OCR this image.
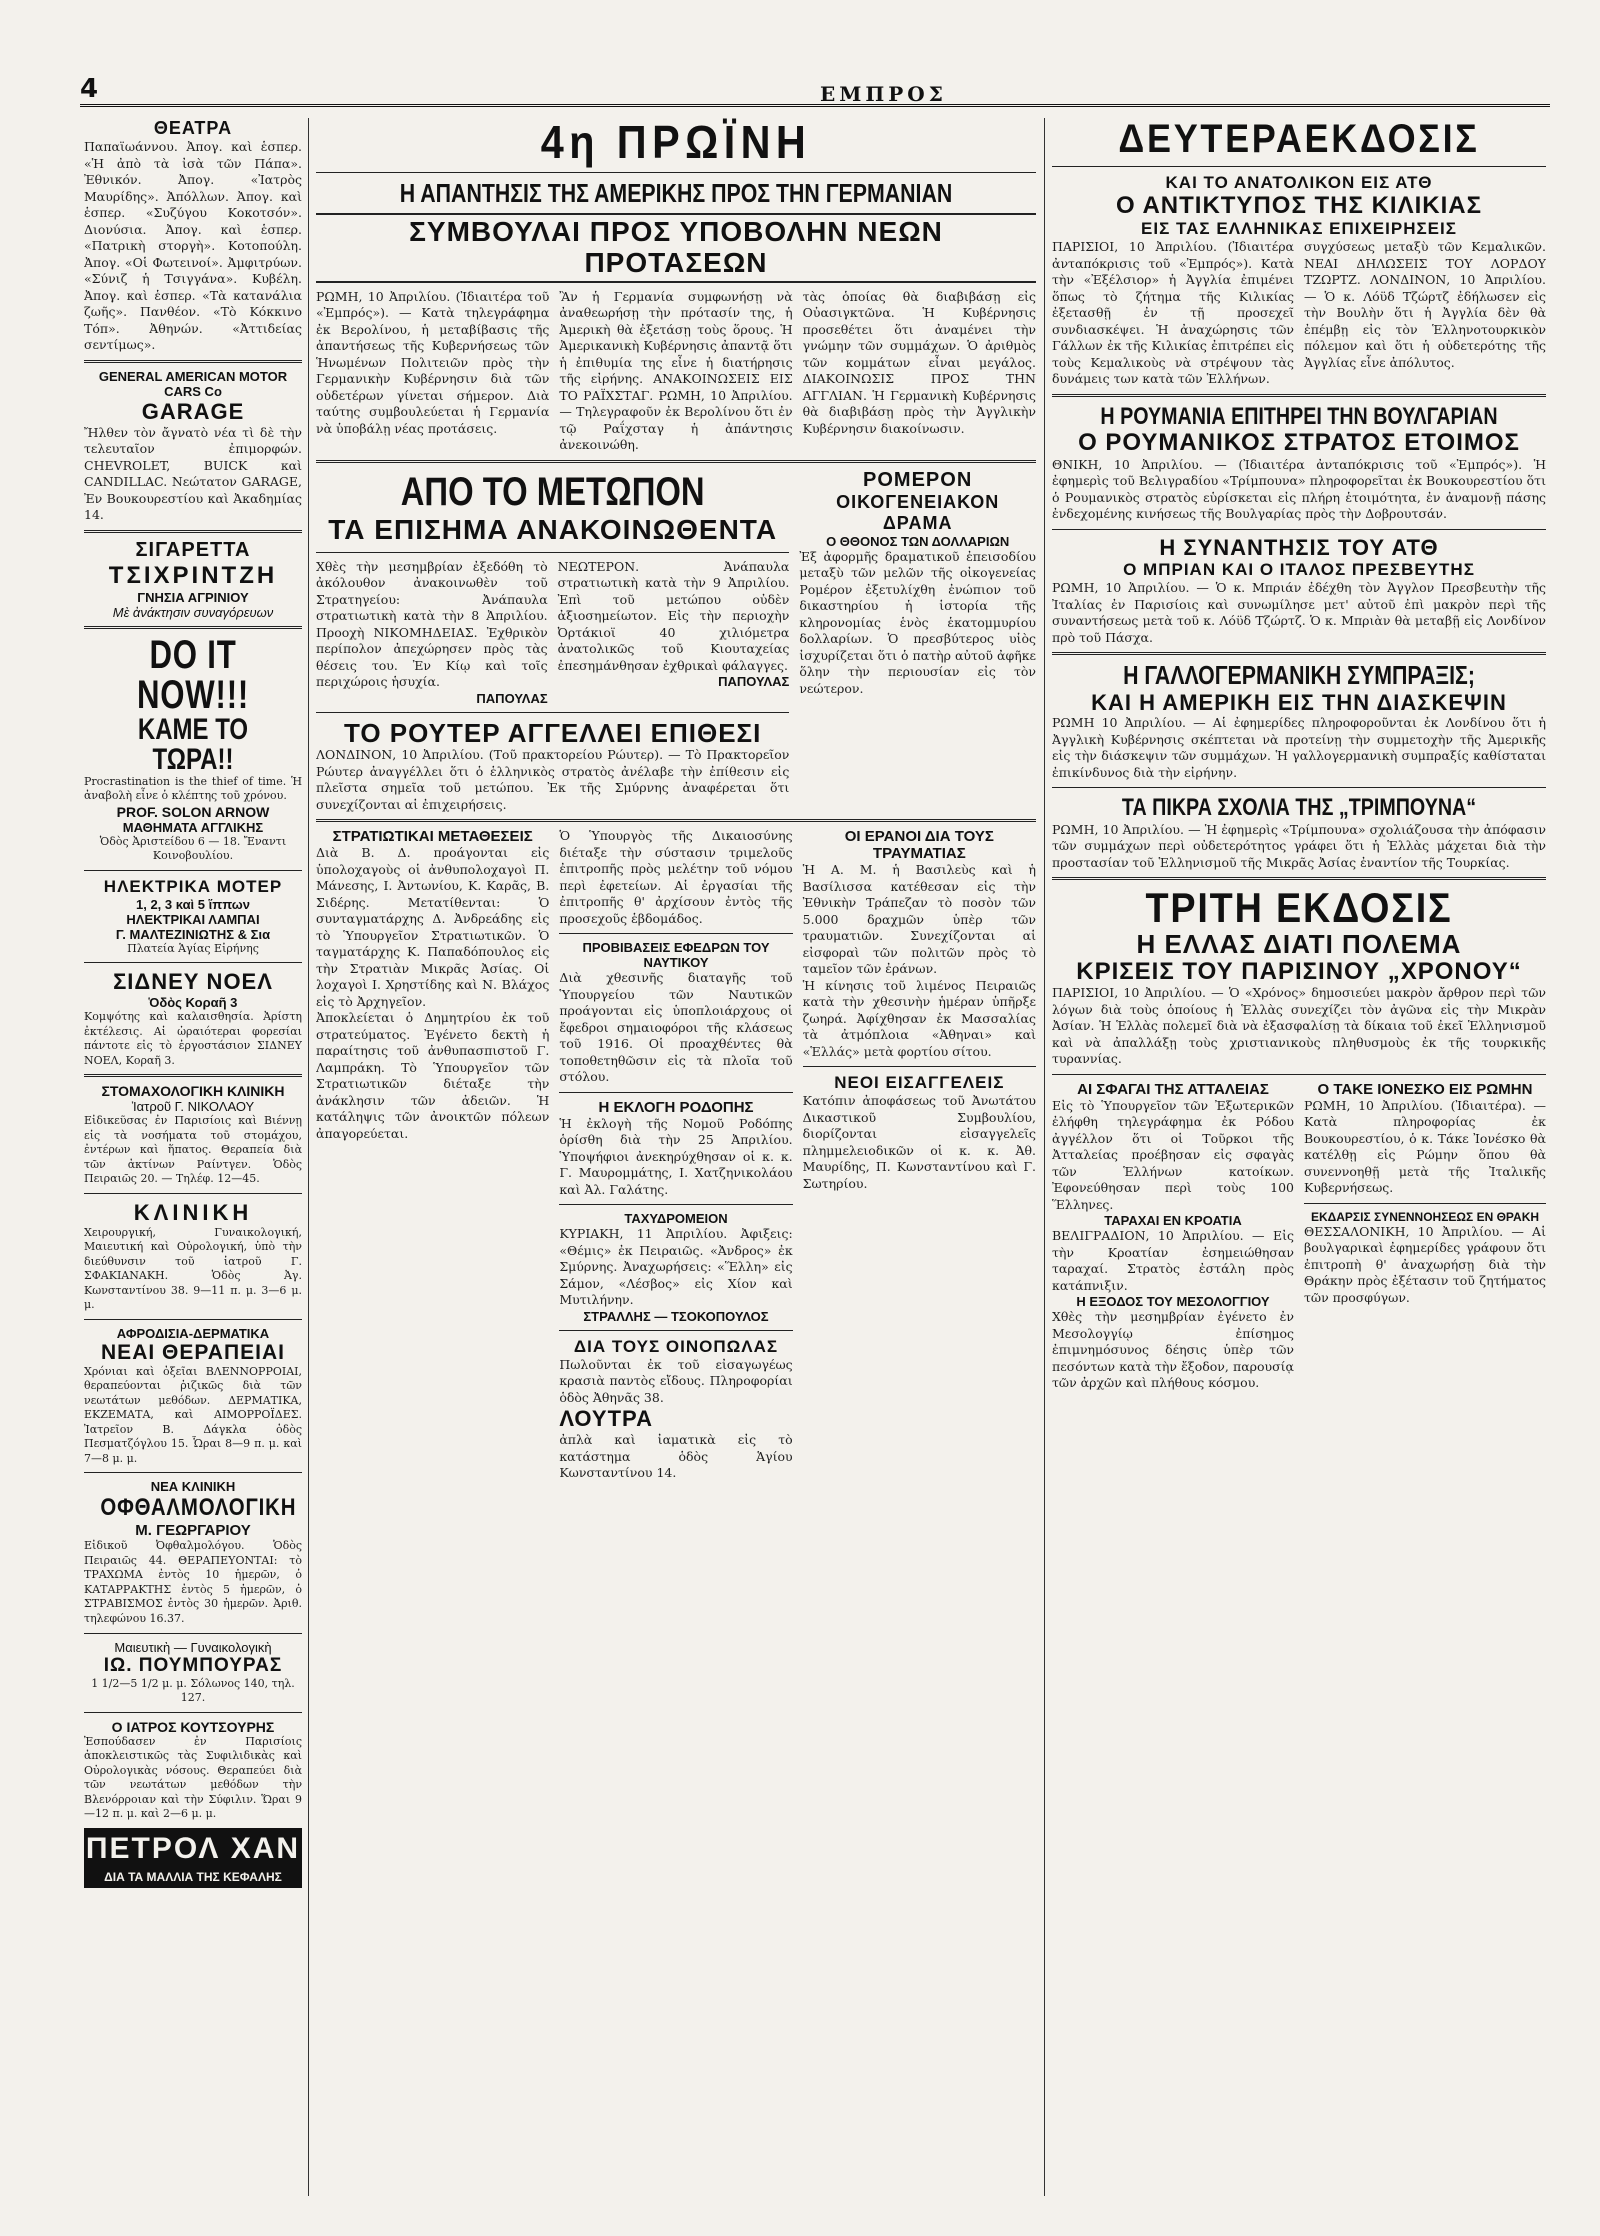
4	ΕΜΠΡΟΣ
ΘΕΑΤΡΑ
Παπαϊωάννου. Ἀπογ. καὶ ἑσπερ. «Ἡ ἀπὸ τὰ ἰσὰ τῶν Πάπα». Ἐθνικόν. Ἀπογ. «Ἰατρὸς Μαυρίδης». Ἀπόλλων. Ἀπογ. καὶ ἑσπερ. «Συζύγου Κοκοτσόν». Διονύσια. Ἀπογ. καὶ ἑσπερ. «Πατρικὴ στοργὴ». Κοτοπούλη. Ἀπογ. «Οἱ Φωτεινοί». Ἀμφιτρύων. «Σύνιζ ἡ Τσιγγάνα». Κυβέλη. Ἀπογ. καὶ ἑσπερ. «Τὰ κατανάλια ζωῆς». Πανθέον. «Τὸ Κόκκινο Τόπ». Ἀθηνών. «Ἀττιδείας σεντίμως».
GENERAL AMERICAN MOTOR CARS Co
GARAGE
Ἤλθεν τὸν ἄγνατὸ νέα τὶ δὲ τὴν τελευταῖον ἐπιμορφών. CHEVROLET, BUICK καὶ CANDILLAC. Νεώτατον GARAGE, Ἐν Βουκουρεστίου καὶ Ἀκαδημίας 14.
ΣΙΓΑΡΕΤΤΑ
ΤΣΙΧΡΙΝΤΖΗ
ΓΝΗΣΙΑ ΑΓΡΙΝΙΟΥ
Μὲ ἀνάκτησιν συναγόρευων
DO IT NOW!!!
ΚΑΜΕ ΤΟ ΤΩΡΑ!!
Procrastination is the thief of time. Ἡ ἀναβολὴ εἶνε ὁ κλέπτης τοῦ χρόνου.
PROF. SOLON ARNOW
ΜΑΘΗΜΑΤΑ ΑΓΓΛΙΚΗΣ
Ὁδὸς Ἀριστείδου 6 — 18. Ἔναντι Κοινοβουλίου.
ΗΛΕΚΤΡΙΚΑ ΜΟΤΕΡ
1, 2, 3 καὶ 5 ἵππων
ΗΛΕΚΤΡΙΚΑΙ ΛΑΜΠΑΙ
Γ. ΜΑΛΤΕΖΙΝΙΩΤΗΣ & Σια
Πλατεία Ἁγίας Εἰρήνης
ΣΙΔΝΕΥ ΝΟΕΛ
Ὁδὸς Κοραῆ 3
Κομψότης καὶ καλαισθησία. Ἀρίστη ἐκτέλεσις. Αἱ ὡραιότεραι φορεσίαι πάντοτε εἰς τὸ ἐργοστάσιον ΣΙΔΝΕΥ ΝΟΕΛ, Κοραῆ 3.
ΣΤΟΜΑΧΟΛΟΓΙΚΗ ΚΛΙΝΙΚΗ
Ἰατροῦ Γ. ΝΙΚΟΛΑΟΥ
Εἰδικεῦσας ἐν Παρισίοις καὶ Βιέννῃ εἰς τὰ νοσήματα τοῦ στομάχου, ἐντέρων καὶ ἥπατος. Θεραπεία διὰ τῶν ἀκτίνων Ραίντγεν. Ὁδὸς Πειραιῶς 20. — Τηλέφ. 12—45.
ΚΛΙΝΙΚΗ
Χειρουργική, Γυναικολογική, Μαιευτική καὶ Οὐρολογική, ὑπὸ τὴν διεύθυνσιν τοῦ ἰατροῦ Γ. ΣΦΑΚΙΑΝΑΚΗ. Ὁδὸς Ἀγ. Κωνσταντίνου 38. 9—11 π. μ. 3—6 μ. μ.
ΑΦΡΟΔΙΣΙΑ-ΔΕΡΜΑΤΙΚΑ
ΝΕΑΙ ΘΕΡΑΠΕΙΑΙ
Χρόνιαι καὶ ὀξεῖαι ΒΛΕΝΝΟΡΡΟΙΑΙ, θεραπεύονται ῥιζικῶς διὰ τῶν νεωτάτων μεθόδων. ΔΕΡΜΑΤΙΚΑ, ΕΚΖΕΜΑΤΑ, καὶ ΑΙΜΟΡΡΟΪΔΕΣ. Ἰατρεῖον Β. Δάγκλα ὁδὸς Πεσματζόγλου 15. Ὧραι 8—9 π. μ. καὶ 7—8 μ. μ.
ΝΕΑ ΚΛΙΝΙΚΗ
ΟΦΘΑΛΜΟΛΟΓΙΚΗ
Μ. ΓΕΩΡΓΑΡΙΟΥ
Εἰδικοῦ Ὀφθαλμολόγου. Ὁδὸς Πειραιῶς 44. ΘΕΡΑΠΕΥΟΝΤΑΙ: τὸ ΤΡΑΧΩΜΑ ἐντὸς 10 ἡμερῶν, ὁ ΚΑΤΑΡΡΑΚΤΗΣ ἐντὸς 5 ἡμερῶν, ὁ ΣΤΡΑΒΙΣΜΟΣ ἐντὸς 30 ἡμερῶν. Ἀριθ. τηλεφώνου 16.37.
Μαιευτικὴ — Γυναικολογικὴ
ΙΩ. ΠΟΥΜΠΟΥΡΑΣ
1 1/2—5 1/2 μ. μ. Σόλωνος 140, τηλ. 127.
Ο ΙΑΤΡΟΣ ΚΟΥΤΣΟΥΡΗΣ
Ἐσπούδασεν ἐν Παρισίοις ἀποκλειστικῶς τὰς Συφιλιδικὰς καὶ Οὐρολογικὰς νόσους. Θεραπεύει διὰ τῶν νεωτάτων μεθόδων τὴν Βλενόρροιαν καὶ τὴν Σύφιλιν. Ὥραι 9—12 π. μ. καὶ 2—6 μ. μ.
ΠΕΤΡΟΛ ΧΑΝ
ΔΙΑ ΤΑ ΜΑΛΛΙΑ ΤΗΣ ΚΕΦΑΛΗΣ
4η ΠΡΩΪΝΗ
Η ΑΠΑΝΤΗΣΙΣ ΤΗΣ ΑΜΕΡΙΚΗΣ ΠΡΟΣ ΤΗΝ ΓΕΡΜΑΝΙΑΝ
ΣΥΜΒΟΥΛΑΙ ΠΡΟΣ ΥΠΟΒΟΛΗΝ ΝΕΩΝ ΠΡΟΤΑΣΕΩΝ
ΡΩΜΗ, 10 Ἀπριλίου. (Ἰδιαιτέρα τοῦ «Ἐμπρός»). — Κατὰ τηλεγράφημα ἐκ Βερολίνου, ἡ μεταβίβασις τῆς ἀπαντήσεως τῆς Κυβερνήσεως τῶν Ἡνωμένων Πολιτειῶν πρὸς τὴν Γερμανικὴν Κυβέρνησιν διὰ τῶν οὐδετέρων γίνεται σήμερον. Διὰ ταύτης συμβουλεύεται ἡ Γερμανία νὰ ὑποβάλῃ νέας προτάσεις.
Ἂν ἡ Γερμανία συμφωνήσῃ νὰ ἀναθεωρήσῃ τὴν πρότασίν της, ἡ Ἀμερικὴ θὰ ἐξετάσῃ τοὺς ὅρους. Ἡ Ἀμερικανικὴ Κυβέρνησις ἀπαντᾷ ὅτι ἡ ἐπιθυμία της εἶνε ἡ διατήρησις τῆς εἰρήνης. ΑΝΑΚΟΙΝΩΣΕΙΣ ΕΙΣ ΤΟ ΡΑΪΧΣΤΑΓ. ΡΩΜΗ, 10 Ἀπριλίου. — Τηλεγραφοῦν ἐκ Βερολίνου ὅτι ἐν τῷ Ραΐχσταγ ἡ ἀπάντησις ἀνεκοινώθη.
τὰς ὁποίας θὰ διαβιβάσῃ εἰς Οὐασιγκτῶνα. Ἡ Κυβέρνησις προσεθέτει ὅτι ἀναμένει τὴν γνώμην τῶν συμμάχων. Ὁ ἀριθμὸς τῶν κομμάτων εἶναι μεγάλος. ΔΙΑΚΟΙΝΩΣΙΣ ΠΡΟΣ ΤΗΝ ΑΓΓΛΙΑΝ. Ἡ Γερμανικὴ Κυβέρνησις θὰ διαβιβάσῃ πρὸς τὴν Ἀγγλικὴν Κυβέρνησιν διακοίνωσιν.
ΑΠΟ ΤΟ ΜΕΤΩΠΟΝ
ΤΑ ΕΠΙΣΗΜΑ ΑΝΑΚΟΙΝΩΘΕΝΤΑ
Χθὲς τὴν μεσημβρίαν ἐξεδόθη τὸ ἀκόλουθον ἀνακοινωθὲν τοῦ Στρατηγείου: Ἀνάπαυλα στρατιωτικὴ κατὰ τὴν 8 Ἀπριλίου. Προοχὴ ΝΙΚΟΜΗΔΕΙΑΣ. Ἐχθρικὸν περίπολον ἀπεχώρησεν πρὸς τὰς θέσεις του. Ἐν Κίῳ καὶ τοῖς περιχώροις ἡσυχία.
ΠΑΠΟΥΛΑΣ
ΝΕΩΤΕΡΟΝ. Ἀνάπαυλα στρατιωτικὴ κατὰ τὴν 9 Ἀπριλίου. Ἐπὶ τοῦ μετώπου οὐδὲν ἀξιοσημείωτον. Εἰς τὴν περιοχὴν Ὀρτάκιοϊ 40 χιλιόμετρα ἀνατολικῶς τοῦ Κιουταχείας ἐπεσημάνθησαν ἐχθρικαὶ φάλαγγες.
ΠΑΠΟΥΛΑΣ
ΤΟ ΡΟΥΤΕΡ ΑΓΓΕΛΛΕΙ ΕΠΙΘΕΣΙ
ΛΟΝΔΙΝΟΝ, 10 Ἀπριλίου. (Τοῦ πρακτορείου Ρώυτερ). — Τὸ Πρακτορεῖον Ρώυτερ ἀναγγέλλει ὅτι ὁ ἑλληνικὸς στρατὸς ἀνέλαβε τὴν ἐπίθεσιν εἰς πλεῖστα σημεῖα τοῦ μετώπου. Ἐκ τῆς Σμύρνης ἀναφέρεται ὅτι συνεχίζονται αἱ ἐπιχειρήσεις.
ΡΟΜΕΡΟΝ
ΟΙΚΟΓΕΝΕΙΑΚΟΝ ΔΡΑΜΑ
Ο ΘΘΟΝΟΣ ΤΩΝ ΔΟΛΛΑΡΙΩΝ
Ἐξ ἀφορμῆς δραματικοῦ ἐπεισοδίου μεταξὺ τῶν μελῶν τῆς οἰκογενείας Ρομέρον ἐξετυλίχθη ἐνώπιον τοῦ δικαστηρίου ἡ ἱστορία τῆς κληρονομίας ἑνὸς ἑκατομμυρίου δολλαρίων. Ὁ πρεσβύτερος υἱὸς ἰσχυρίζεται ὅτι ὁ πατὴρ αὐτοῦ ἀφῆκε ὅλην τὴν περιουσίαν εἰς τὸν νεώτερον.
ΣΤΡΑΤΙΩΤΙΚΑΙ ΜΕΤΑΘΕΣΕΙΣ
Διὰ Β. Δ. προάγονται εἰς ὑπολοχαγοὺς οἱ ἀνθυπολοχαγοὶ Π. Μάνεσης, Ι. Ἀντωνίου, Κ. Καρᾶς, Β. Σιδέρης. Μετατίθενται: Ὁ συνταγματάρχης Δ. Ἀνδρεάδης εἰς τὸ Ὑπουργεῖον Στρατιωτικῶν. Ὁ ταγματάρχης Κ. Παπαδόπουλος εἰς τὴν Στρατιὰν Μικρᾶς Ἀσίας. Οἱ λοχαγοὶ Ι. Χρηστίδης καὶ Ν. Βλάχος εἰς τὸ Ἀρχηγεῖον.
Ἀποκλείεται ὁ Δημητρίου ἐκ τοῦ στρατεύματος. Ἐγένετο δεκτὴ ἡ παραίτησις τοῦ ἀνθυπασπιστοῦ Γ. Λαμπράκη. Τὸ Ὑπουργεῖον τῶν Στρατιωτικῶν διέταξε τὴν ἀνάκλησιν τῶν ἀδειῶν. Ἡ κατάληψις τῶν ἀνοικτῶν πόλεων ἀπαγορεύεται.
Ὁ Ὑπουργὸς τῆς Δικαιοσύνης διέταξε τὴν σύστασιν τριμελοῦς ἐπιτροπῆς πρὸς μελέτην τοῦ νόμου περὶ ἐφετείων. Αἱ ἐργασίαι τῆς ἐπιτροπῆς θ' ἀρχίσουν ἐντὸς τῆς προσεχοῦς ἑβδομάδος.
ΠΡΟΒΙΒΑΣΕΙΣ ΕΦΕΔΡΩΝ ΤΟΥ ΝΑΥΤΙΚΟΥ
Διὰ χθεσινῆς διαταγῆς τοῦ Ὑπουργείου τῶν Ναυτικῶν προάγονται εἰς ὑποπλοιάρχους οἱ ἔφεδροι σημαιοφόροι τῆς κλάσεως τοῦ 1916. Οἱ προαχθέντες θὰ τοποθετηθῶσιν εἰς τὰ πλοῖα τοῦ στόλου.
Η ΕΚΛΟΓΗ ΡΟΔΟΠΗΣ
Ἡ ἐκλογὴ τῆς Νομοῦ Ροδόπης ὁρίσθη διὰ τὴν 25 Ἀπριλίου. Ὑποψήφιοι ἀνεκηρύχθησαν οἱ κ. κ. Γ. Μαυρομμάτης, Ι. Χατζηνικολάου καὶ Ἀλ. Γαλάτης.
ΤΑΧΥΔΡΟΜΕΙΟΝ
ΚΥΡΙΑΚΗ, 11 Ἀπριλίου. Ἀφιξεις: «Θέμις» ἐκ Πειραιῶς. «Ἀνδρος» ἐκ Σμύρνης. Ἀναχωρήσεις: «Ἕλλη» εἰς Σάμον, «Λέσβος» εἰς Χίον καὶ Μυτιλήνην.
ΣΤΡΑΛΛΗΣ — ΤΣΟΚΟΠΟΥΛΟΣ
ΔΙΑ ΤΟΥΣ ΟΙΝΟΠΩΛΑΣ
Πωλοῦνται ἐκ τοῦ εἰσαγωγέως κρασιὰ παντὸς εἴδους. Πληροφορίαι ὁδὸς Ἀθηνᾶς 38.
ΛΟΥΤΡΑ
ἀπλὰ καὶ ἰαματικὰ εἰς τὸ κατάστημα ὁδὸς Ἁγίου Κωνσταντίνου 14.
ΟΙ ΕΡΑΝΟΙ ΔΙΑ ΤΟΥΣ ΤΡΑΥΜΑΤΙΑΣ
Ἡ Α. Μ. ἡ Βασιλεὺς καὶ ἡ Βασίλισσα κατέθεσαν εἰς τὴν Ἐθνικὴν Τράπεζαν τὸ ποσὸν τῶν 5.000 δραχμῶν ὑπὲρ τῶν τραυματιῶν. Συνεχίζονται αἱ εἰσφοραὶ τῶν πολιτῶν πρὸς τὸ ταμεῖον τῶν ἐράνων.
Ἡ κίνησις τοῦ λιμένος Πειραιῶς κατὰ τὴν χθεσινὴν ἡμέραν ὑπῆρξε ζωηρά. Ἀφίχθησαν ἐκ Μασσαλίας τὰ ἀτμόπλοια «Ἀθηναι» καὶ «Ἑλλάς» μετὰ φορτίου σίτου.
ΝΕΟΙ ΕΙΣΑΓΓΕΛΕΙΣ
Κατόπιν ἀποφάσεως τοῦ Ἀνωτάτου Δικαστικοῦ Συμβουλίου, διορίζονται εἰσαγγελεῖς πλημμελειοδικῶν οἱ κ. κ. Ἀθ. Μαυρίδης, Π. Κωνσταντίνου καὶ Γ. Σωτηρίου.
ΔΕΥΤΕΡΑΕΚΔΟΣΙΣ
ΚΑΙ ΤΟ ΑΝΑΤΟΛΙΚΟΝ ΕΙΣ ΑΤΘ
Ο ΑΝΤΙΚΤΥΠΟΣ ΤΗΣ ΚΙΛΙΚΙΑΣ
ΕΙΣ ΤΑΣ ΕΛΛΗΝΙΚΑΣ ΕΠΙΧΕΙΡΗΣΕΙΣ
ΠΑΡΙΣΙΟΙ, 10 Ἀπριλίου. (Ἰδιαιτέρα ἀνταπόκρισις τοῦ «Ἐμπρός»). Κατὰ τὴν «Ἐξέλσιορ» ἡ Ἀγγλία ἐπιμένει ὅπως τὸ ζήτημα τῆς Κιλικίας ἐξετασθῇ ἐν τῇ προσεχεῖ συνδιασκέψει. Ἡ ἀναχώρησις τῶν Γάλλων ἐκ τῆς Κιλικίας ἐπιτρέπει εἰς τοὺς Κεμαλικοὺς νὰ στρέψουν τὰς δυνάμεις των κατὰ τῶν Ἑλλήνων.
συγχύσεως μεταξὺ τῶν Κεμαλικῶν. ΝΕΑΙ ΔΗΛΩΣΕΙΣ ΤΟΥ ΛΟΡΔΟΥ ΤΖΩΡΤΖ. ΛΟΝΔΙΝΟΝ, 10 Ἀπριλίου. — Ὁ κ. Λόϋδ Τζώρτζ ἐδήλωσεν εἰς τὴν Βουλὴν ὅτι ἡ Ἀγγλία δὲν θὰ ἐπέμβῃ εἰς τὸν Ἑλληνοτουρκικὸν πόλεμον καὶ ὅτι ἡ οὐδετερότης τῆς Ἀγγλίας εἶνε ἀπόλυτος.
Η ΡΟΥΜΑΝΙΑ ΕΠΙΤΗΡΕΙ ΤΗΝ ΒΟΥΛΓΑΡΙΑΝ
Ο ΡΟΥΜΑΝΙΚΟΣ ΣΤΡΑΤΟΣ ΕΤΟΙΜΟΣ
ΘΝΙΚΗ, 10 Ἀπριλίου. — (Ἰδιαιτέρα ἀνταπόκρισις τοῦ «Ἐμπρός»). Ἡ ἐφημερὶς τοῦ Βελιγραδίου «Τρίμπουνα» πληροφορεῖται ἐκ Βουκουρεστίου ὅτι ὁ Ρουμανικὸς στρατὸς εὑρίσκεται εἰς πλήρη ἑτοιμότητα, ἐν ἀναμονῇ πάσης ἐνδεχομένης κινήσεως τῆς Βουλγαρίας πρὸς τὴν Δοβρουτσάν.
Η ΣΥΝΑΝΤΗΣΙΣ ΤΟΥ ΑΤΘ
Ο ΜΠΡΙΑΝ ΚΑΙ Ο ΙΤΑΛΟΣ ΠΡΕΣΒΕΥΤΗΣ
ΡΩΜΗ, 10 Ἀπριλίου. — Ὁ κ. Μπριάν ἐδέχθη τὸν Ἀγγλον Πρεσβευτὴν τῆς Ἰταλίας ἐν Παρισίοις καὶ συνωμίλησε μετ' αὐτοῦ ἐπὶ μακρὸν περὶ τῆς συναντήσεως μετὰ τοῦ κ. Λόϋδ Τζώρτζ. Ὁ κ. Μπριὰν θὰ μεταβῇ εἰς Λονδίνον πρὸ τοῦ Πάσχα.
Η ΓΑΛΛΟΓΕΡΜΑΝΙΚΗ ΣΥΜΠΡΑΞΙΣ;
ΚΑΙ Η ΑΜΕΡΙΚΗ ΕΙΣ ΤΗΝ ΔΙΑΣΚΕΨΙΝ
ΡΩΜΗ 10 Ἀπριλίου. — Αἱ ἐφημερίδες πληροφοροῦνται ἐκ Λονδίνου ὅτι ἡ Ἀγγλικὴ Κυβέρνησις σκέπτεται νὰ προτείνῃ τὴν συμμετοχὴν τῆς Ἀμερικῆς εἰς τὴν διάσκεψιν τῶν συμμάχων. Ἡ γαλλογερμανικὴ συμπραξίς καθίσταται ἐπικίνδυνος διὰ τὴν εἰρήνην.
ΤΑ ΠΙΚΡΑ ΣΧΟΛΙΑ ΤΗΣ „ΤΡΙΜΠΟΥΝΑ“
ΡΩΜΗ, 10 Ἀπριλίου. — Ἡ ἐφημερὶς «Τρίμπουνα» σχολιάζουσα τὴν ἀπόφασιν τῶν συμμάχων περὶ οὐδετερότητος γράφει ὅτι ἡ Ἑλλὰς μάχεται διὰ τὴν προστασίαν τοῦ Ἑλληνισμοῦ τῆς Μικρᾶς Ἀσίας ἐναντίον τῆς Τουρκίας.
ΤΡΙΤΗ ΕΚΔΟΣΙΣ
Η ΕΛΛΑΣ ΔΙΑΤΙ ΠΟΛΕΜΑ
ΚΡΙΣΕΙΣ ΤΟΥ ΠΑΡΙΣΙΝΟΥ „ΧΡΟΝΟΥ“
ΠΑΡΙΣΙΟΙ, 10 Ἀπριλίου. — Ὁ «Χρόνος» δημοσιεύει μακρὸν ἄρθρον περὶ τῶν λόγων διὰ τοὺς ὁποίους ἡ Ἑλλὰς συνεχίζει τὸν ἀγῶνα εἰς τὴν Μικρὰν Ἀσίαν. Ἡ Ἑλλὰς πολεμεῖ διὰ νὰ ἐξασφαλίσῃ τὰ δίκαια τοῦ ἐκεῖ Ἑλληνισμοῦ καὶ νὰ ἀπαλλάξῃ τοὺς χριστιανικοὺς πληθυσμοὺς ἐκ τῆς τουρκικῆς τυραννίας.
ΑΙ ΣΦΑΓΑΙ ΤΗΣ ΑΤΤΑΛΕΙΑΣ
Εἰς τὸ Ὑπουργεῖον τῶν Ἐξωτερικῶν ἐλήφθη τηλεγράφημα ἐκ Ρόδου ἀγγέλλον ὅτι οἱ Τοῦρκοι τῆς Ἀτταλείας προέβησαν εἰς σφαγὰς τῶν Ἑλλήνων κατοίκων. Ἐφονεύθησαν περὶ τοὺς 100 Ἕλληνες.
ΤΑΡΑΧΑΙ ΕΝ ΚΡΟΑΤΙΑ
ΒΕΛΙΓΡΑΔΙΟΝ, 10 Ἀπριλίου. — Εἰς τὴν Κροατίαν ἐσημειώθησαν ταραχαί. Στρατὸς ἐστάλη πρὸς κατάπνιξιν.
Η ΕΞΟΔΟΣ ΤΟΥ ΜΕΣΟΛΟΓΓΙΟΥ
Χθὲς τὴν μεσημβρίαν ἐγένετο ἐν Μεσολογγίῳ ἐπίσημος ἐπιμνημόσυνος δέησις ὑπὲρ τῶν πεσόντων κατὰ τὴν ἔξοδον, παρουσίᾳ τῶν ἀρχῶν καὶ πλήθους κόσμου.
Ο ΤΑΚΕ ΙΟΝΕΣΚΟ ΕΙΣ ΡΩΜΗΝ
ΡΩΜΗ, 10 Ἀπριλίου. (Ἰδιαιτέρα). — Κατὰ πληροφορίας ἐκ Βουκουρεστίου, ὁ κ. Τάκε Ἰονέσκο θὰ κατέλθῃ εἰς Ρώμην ὅπου θὰ συνεννοηθῇ μετὰ τῆς Ἰταλικῆς Κυβερνήσεως.
ΕΚΔΑΡΣΙΣ ΣΥΝΕΝΝΟΗΣΕΩΣ ΕΝ ΘΡΑΚΗ
ΘΕΣΣΑΛΟΝΙΚΗ, 10 Ἀπριλίου. — Αἱ βουλγαρικαὶ ἐφημερίδες γράφουν ὅτι ἐπιτροπὴ θ' ἀναχωρήσῃ διὰ τὴν Θράκην πρὸς ἐξέτασιν τοῦ ζητήματος τῶν προσφύγων.
